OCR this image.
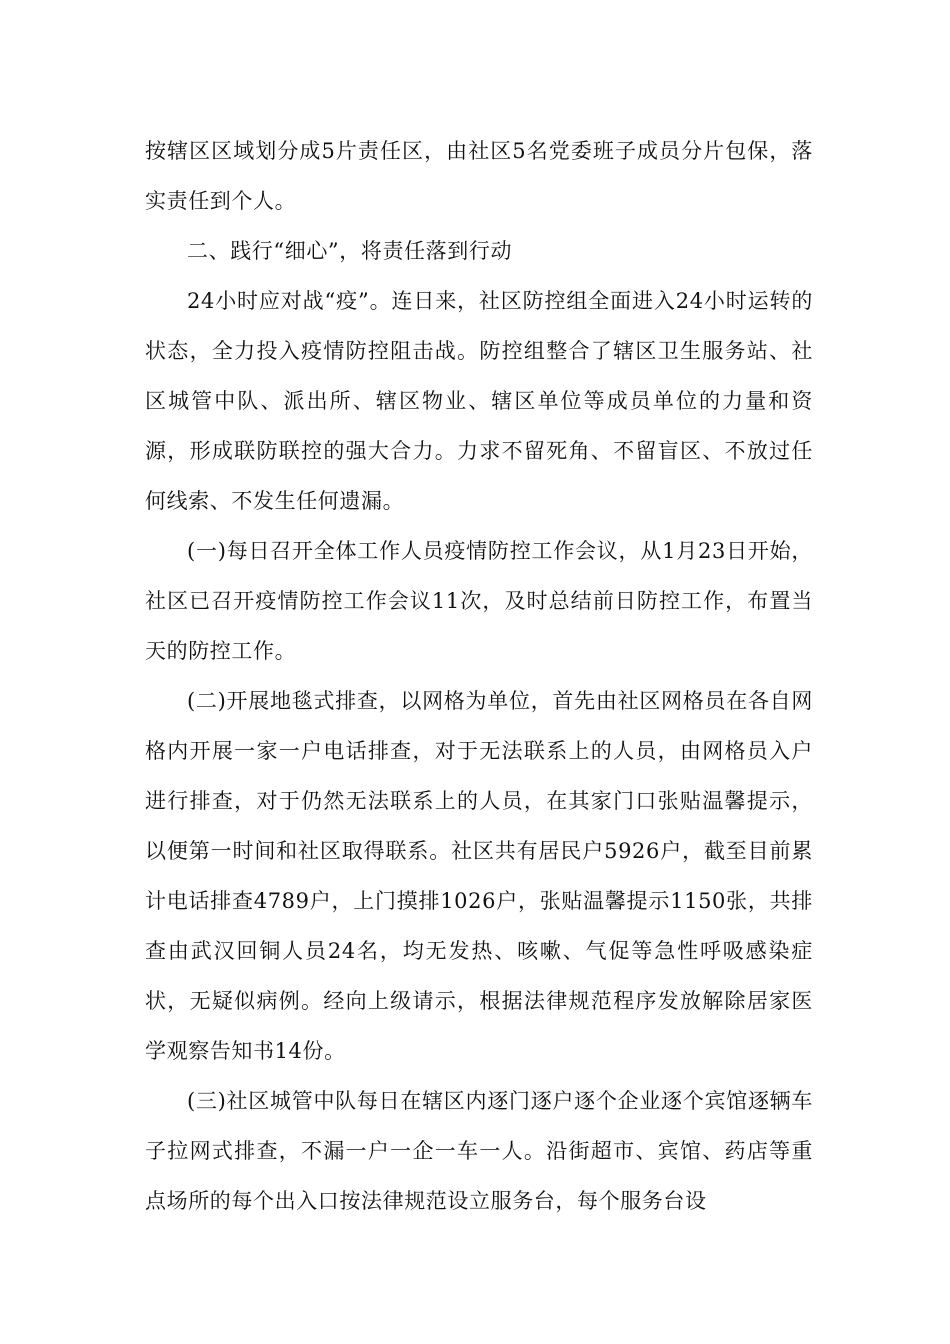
按辖区区域划分成5片责任区，由社区5名党委班子成员分片包保，落实责任到个人。

二、践行“细心”，将责任落到行动

24小时应对战“疫”。连日来，社区防控组全面进入24小时运转的状态，全力投入疫情防控阻击战。防控组整合了辖区卫生服务站、社区城管中队、派出所、辖区物业、辖区单位等成员单位的力量和资源，形成联防联控的强大合力。力求不留死角、不留盲区、不放过任何线索、不发生任何遗漏。

(一)每日召开全体工作人员疫情防控工作会议，从1月23日开始，社区已召开疫情防控工作会议11次，及时总结前日防控工作，布置当天的防控工作。

(二)开展地毯式排查，以网格为单位，首先由社区网格员在各自网格内开展一家一户电话排查，对于无法联系上的人员，由网格员入户进行排查，对于仍然无法联系上的人员，在其家门口张贴温馨提示，以便第一时间和社区取得联系。社区共有居民户5926户，截至目前累计电话排查4789户，上门摸排1026户，张贴温馨提示1150张，共排查由武汉回铜人员24名，均无发热、咳嗽、气促等急性呼吸感染症状，无疑似病例。经向上级请示，根据法律规范程序发放解除居家医学观察告知书14份。

(三)社区城管中队每日在辖区内逐门逐户逐个企业逐个宾馆逐辆车子拉网式排查，不漏一户一企一车一人。沿街超市、宾馆、药店等重点场所的每个出入口按法律规范设立服务台，每个服务台设
